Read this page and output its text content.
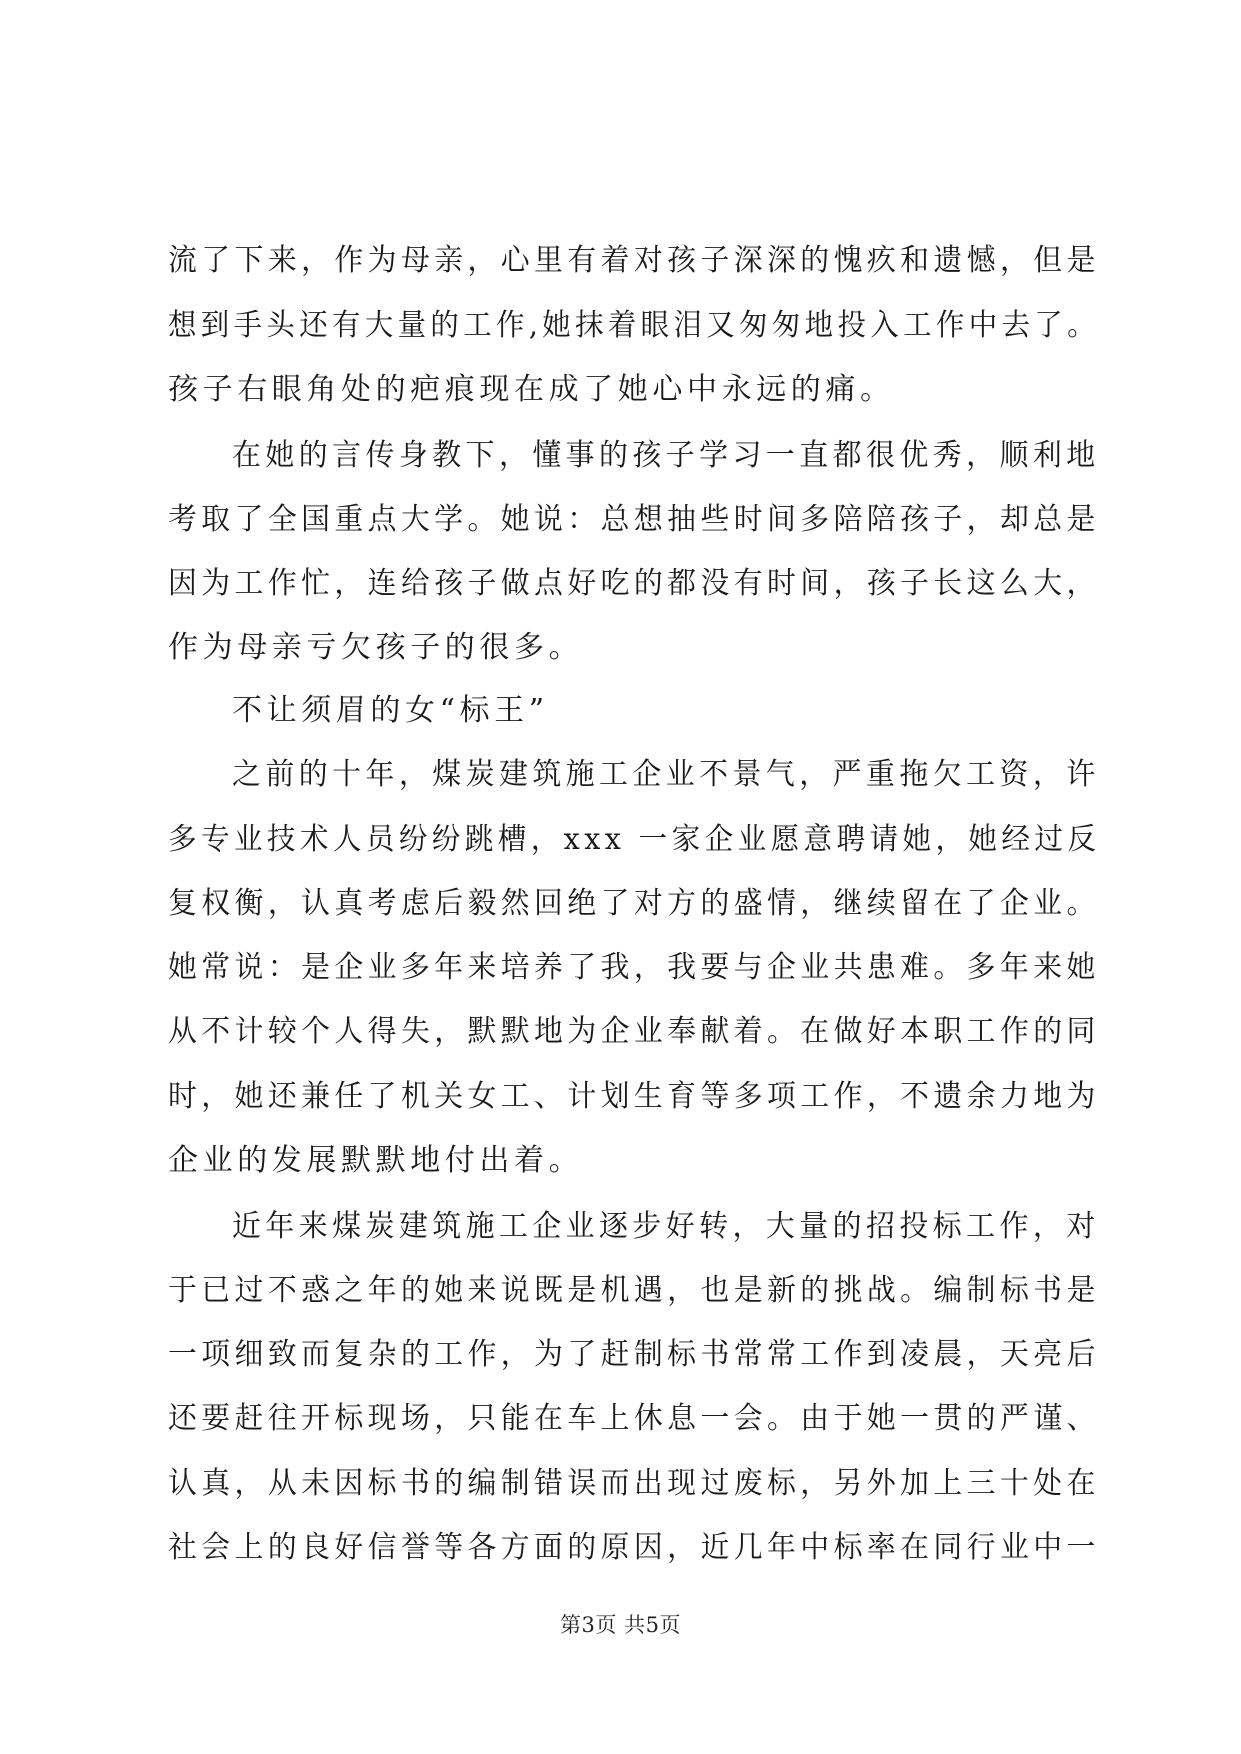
流了下来，作为母亲，心里有着对孩子深深的愧疚和遗憾，但是
想到手头还有大量的工作,她抹着眼泪又匆匆地投入工作中去了。
孩子右眼角处的疤痕现在成了她心中永远的痛。
在她的言传身教下，懂事的孩子学习一直都很优秀，顺利地
考取了全国重点大学。她说：总想抽些时间多陪陪孩子，却总是
因为工作忙，连给孩子做点好吃的都没有时间，孩子长这么大，
作为母亲亏欠孩子的很多。
不让须眉的女“标王”
之前的十年，煤炭建筑施工企业不景气，严重拖欠工资，许
多专业技术人员纷纷跳槽，xxx 一家企业愿意聘请她，她经过反
复权衡，认真考虑后毅然回绝了对方的盛情，继续留在了企业。
她常说：是企业多年来培养了我，我要与企业共患难。多年来她
从不计较个人得失，默默地为企业奉献着。在做好本职工作的同
时，她还兼任了机关女工、计划生育等多项工作，不遗余力地为
企业的发展默默地付出着。
近年来煤炭建筑施工企业逐步好转，大量的招投标工作，对
于已过不惑之年的她来说既是机遇，也是新的挑战。编制标书是
一项细致而复杂的工作，为了赶制标书常常工作到凌晨，天亮后
还要赶往开标现场，只能在车上休息一会。由于她一贯的严谨、
认真，从未因标书的编制错误而出现过废标，另外加上三十处在
社会上的良好信誉等各方面的原因，近几年中标率在同行业中一
第3页 共5页
